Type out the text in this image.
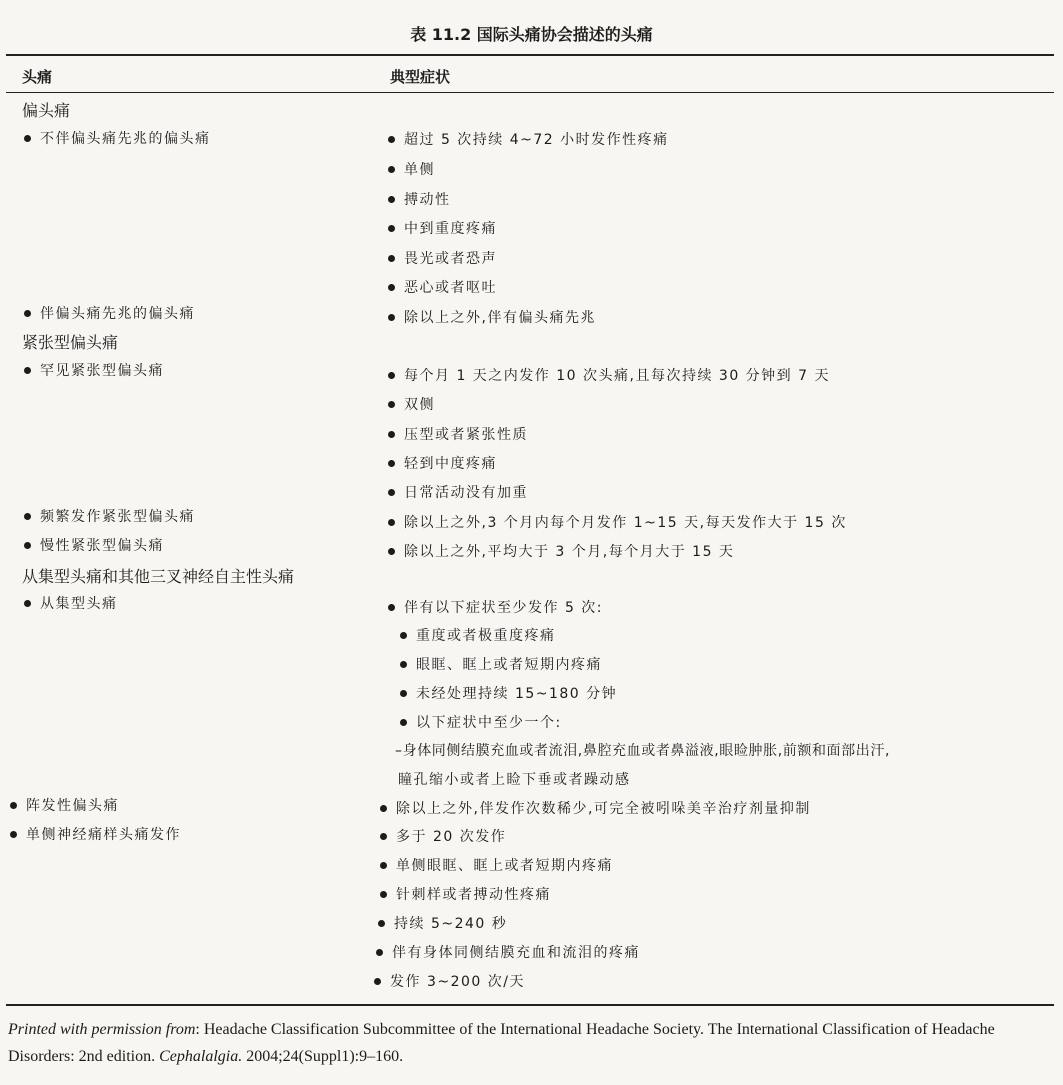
表 11.2 国际头痛协会描述的头痛
头痛	典型症状
偏头痛
紧张型偏头痛
从集型头痛和其他三叉神经自主性头痛
不伴偏头痛先兆的偏头痛
伴偏头痛先兆的偏头痛
罕见紧张型偏头痛
频繁发作紧张型偏头痛
慢性紧张型偏头痛
从集型头痛
阵发性偏头痛
单侧神经痛样头痛发作
超过 5 次持续 4~72 小时发作性疼痛
单侧
搏动性
中到重度疼痛
畏光或者恐声
恶心或者呕吐
除以上之外,伴有偏头痛先兆
每个月 1 天之内发作 10 次头痛,且每次持续 30 分钟到 7 天
双侧
压型或者紧张性质
轻到中度疼痛
日常活动没有加重
除以上之外,3 个月内每个月发作 1~15 天,每天发作大于 15 次
除以上之外,平均大于 3 个月,每个月大于 15 天
伴有以下症状至少发作 5 次:
重度或者极重度疼痛
眼眶、眶上或者短期内疼痛
未经处理持续 15~180 分钟
以下症状中至少一个:
–身体同侧结膜充血或者流泪,鼻腔充血或者鼻溢液,眼睑肿胀,前额和面部出汗,
瞳孔缩小或者上睑下垂或者躁动感
除以上之外,伴发作次数稀少,可完全被吲哚美辛治疗剂量抑制
多于 20 次发作
单侧眼眶、眶上或者短期内疼痛
针刺样或者搏动性疼痛
持续 5~240 秒
伴有身体同侧结膜充血和流泪的疼痛
发作 3~200 次/天
Printed with permission from: Headache Classification Subcommittee of the International Headache Society. The International Classification of Headache Disorders: 2nd edition. Cephalalgia. 2004;24(Suppl1):9–160.
